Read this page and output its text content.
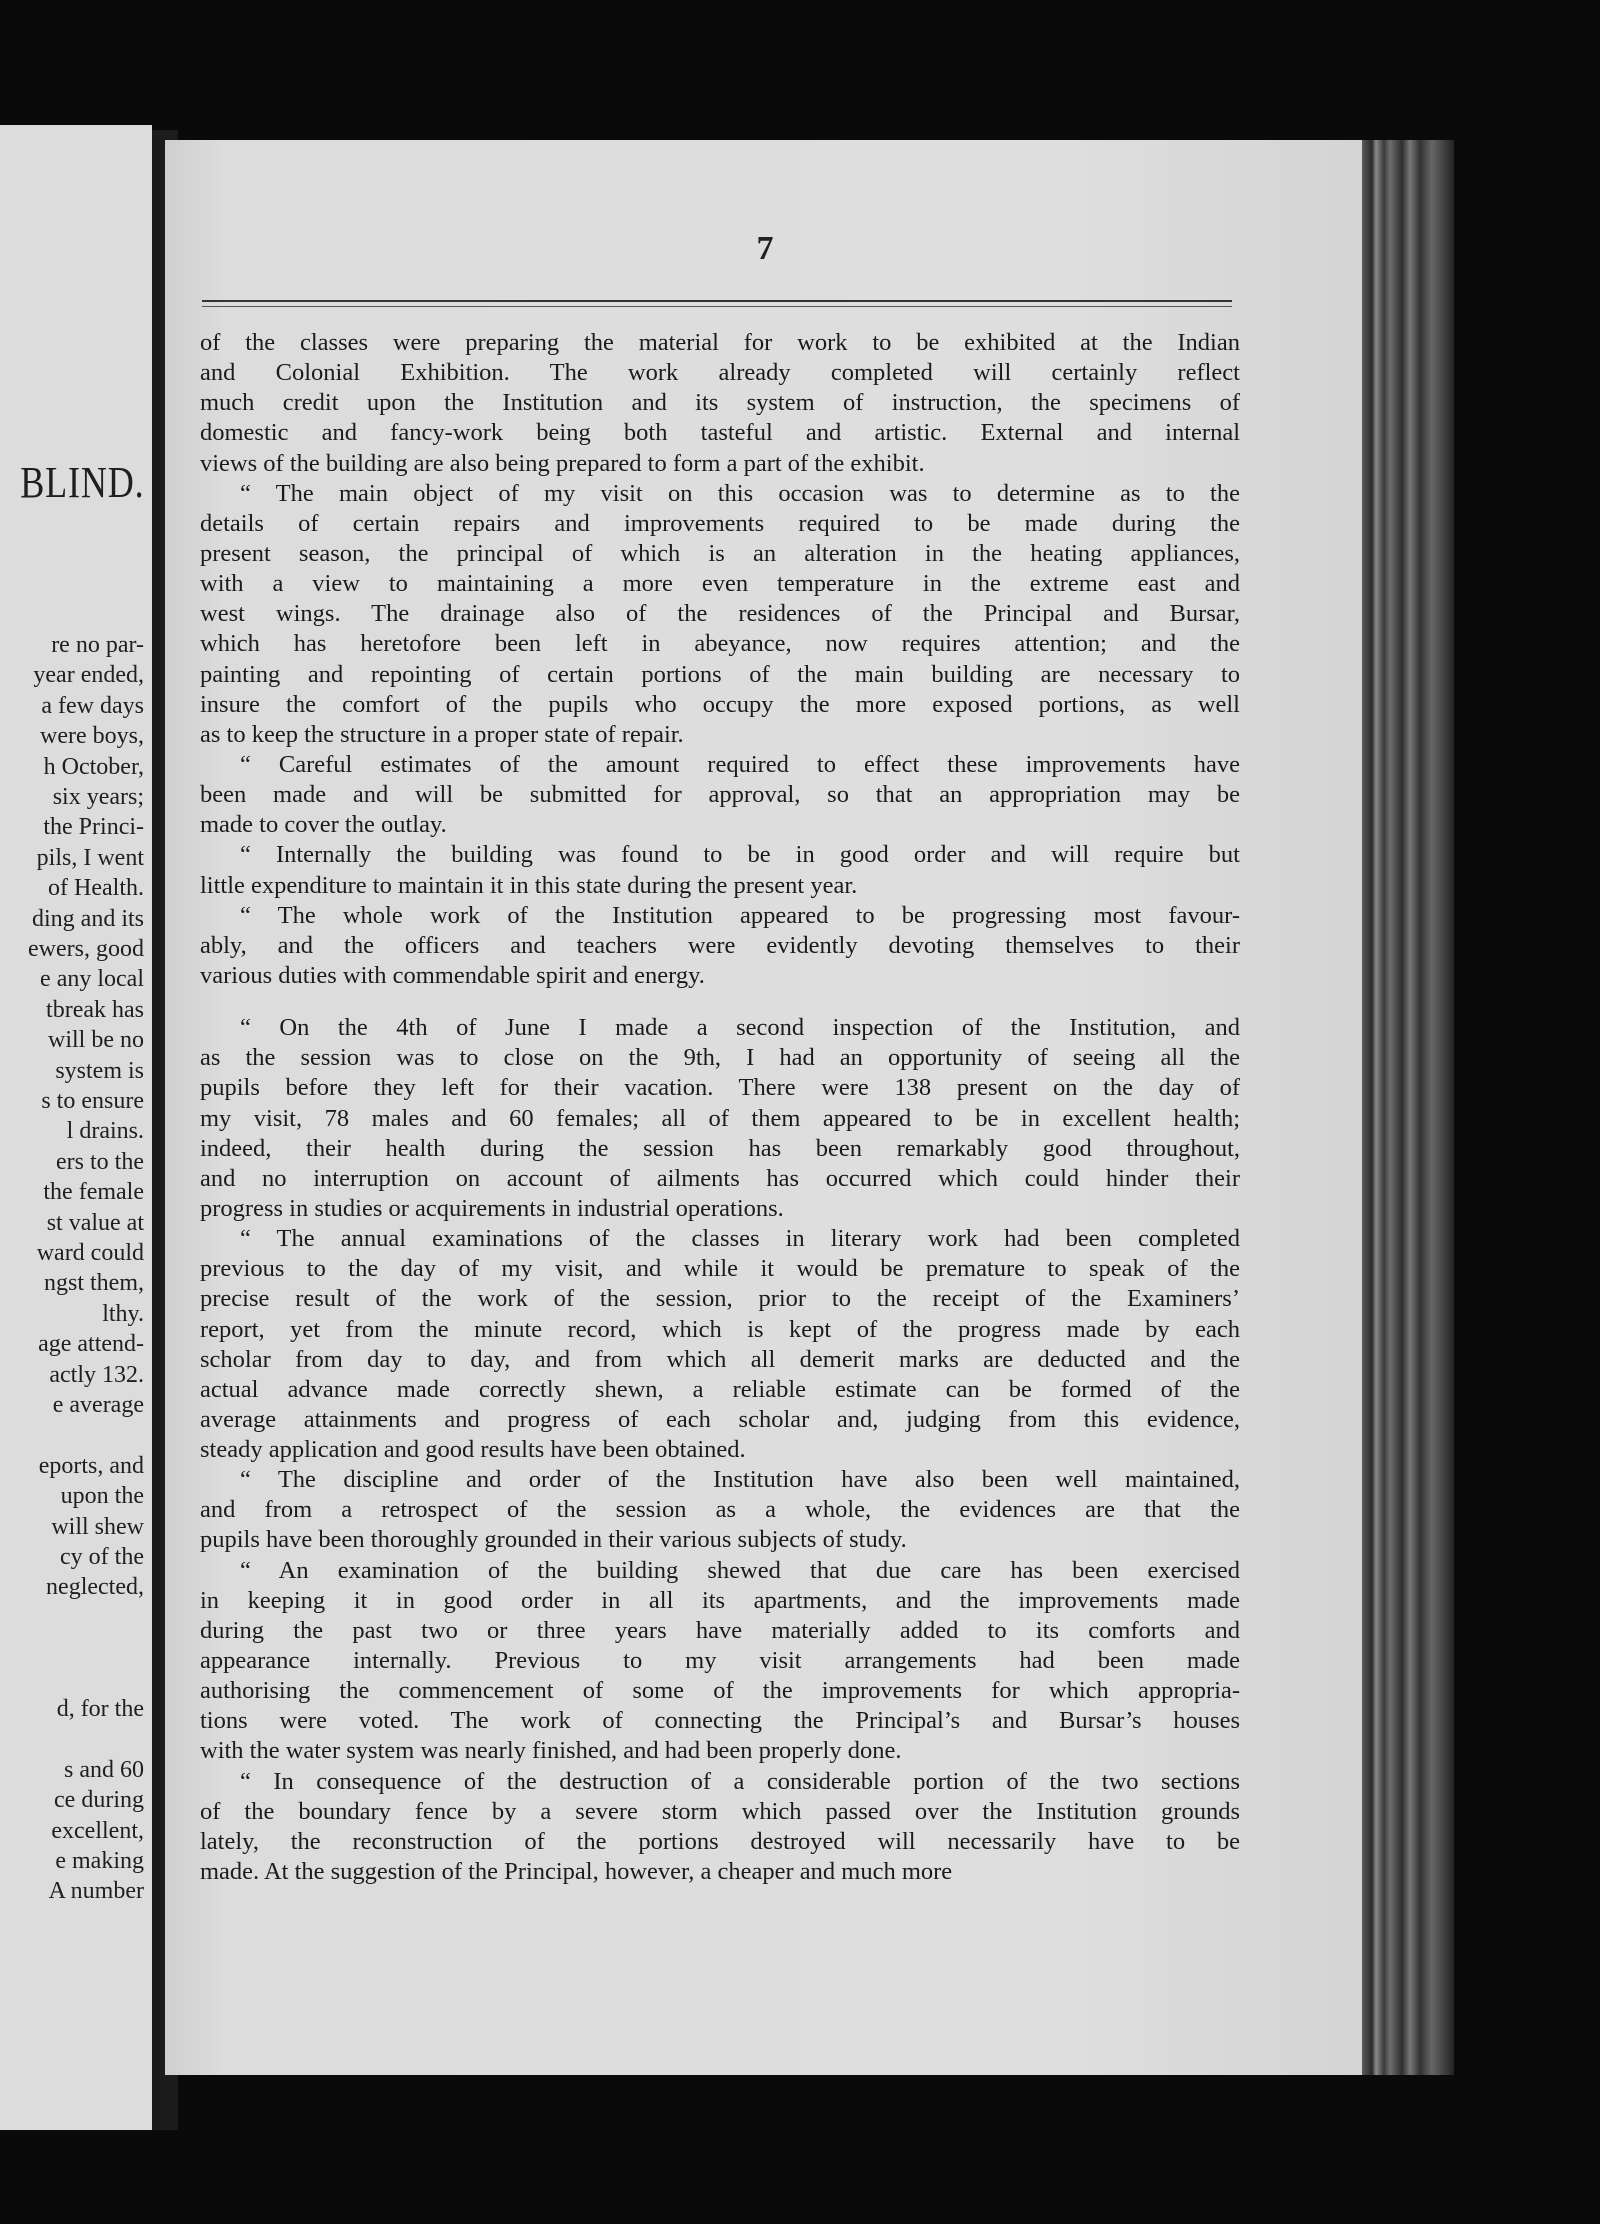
BLIND.
re no par-
year ended,
a few days
were boys,
h October,
six years;
the Princi-
pils, I went
of Health.
ding and its
ewers, good
e any local
tbreak has
will be no
system is
s to ensure
l drains.
ers to the
the female
st value at
ward could
ngst them,
lthy.
age attend-
actly 132.
e average
eports, and
upon the
will shew
cy of the
neglected,
d, for the
s and 60
ce during
excellent,
e making
A number
7
of the classes were preparing the material for work to be exhibited at the Indian
and Colonial Exhibition. The work already completed will certainly reflect
much credit upon the Institution and its system of instruction, the specimens of
domestic and fancy-work being both tasteful and artistic. External and internal
views of the building are also being prepared to form a part of the exhibit.
“ The main object of my visit on this occasion was to determine as to the
details of certain repairs and improvements required to be made during the
present season, the principal of which is an alteration in the heating appliances,
with a view to maintaining a more even temperature in the extreme east and
west wings. The drainage also of the residences of the Principal and Bursar,
which has heretofore been left in abeyance, now requires attention; and the
painting and repointing of certain portions of the main building are necessary to
insure the comfort of the pupils who occupy the more exposed portions, as well
as to keep the structure in a proper state of repair.
“ Careful estimates of the amount required to effect these improvements have
been made and will be submitted for approval, so that an appropriation may be
made to cover the outlay.
“ Internally the building was found to be in good order and will require but
little expenditure to maintain it in this state during the present year.
“ The whole work of the Institution appeared to be progressing most favour-
ably, and the officers and teachers were evidently devoting themselves to their
various duties with commendable spirit and energy.
“ On the 4th of June I made a second inspection of the Institution, and
as the session was to close on the 9th, I had an opportunity of seeing all the
pupils before they left for their vacation. There were 138 present on the day of
my visit, 78 males and 60 females; all of them appeared to be in excellent health;
indeed, their health during the session has been remarkably good throughout,
and no interruption on account of ailments has occurred which could hinder their
progress in studies or acquirements in industrial operations.
“ The annual examinations of the classes in literary work had been completed
previous to the day of my visit, and while it would be premature to speak of the
precise result of the work of the session, prior to the receipt of the Examiners’
report, yet from the minute record, which is kept of the progress made by each
scholar from day to day, and from which all demerit marks are deducted and the
actual advance made correctly shewn, a reliable estimate can be formed of the
average attainments and progress of each scholar and, judging from this evidence,
steady application and good results have been obtained.
“ The discipline and order of the Institution have also been well maintained,
and from a retrospect of the session as a whole, the evidences are that the
pupils have been thoroughly grounded in their various subjects of study.
“ An examination of the building shewed that due care has been exercised
in keeping it in good order in all its apartments, and the improvements made
during the past two or three years have materially added to its comforts and
appearance internally. Previous to my visit arrangements had been made
authorising the commencement of some of the improvements for which appropria-
tions were voted. The work of connecting the Principal’s and Bursar’s houses
with the water system was nearly finished, and had been properly done.
“ In consequence of the destruction of a considerable portion of the two sections
of the boundary fence by a severe storm which passed over the Institution grounds
lately, the reconstruction of the portions destroyed will necessarily have to be
made. At the suggestion of the Principal, however, a cheaper and much more
